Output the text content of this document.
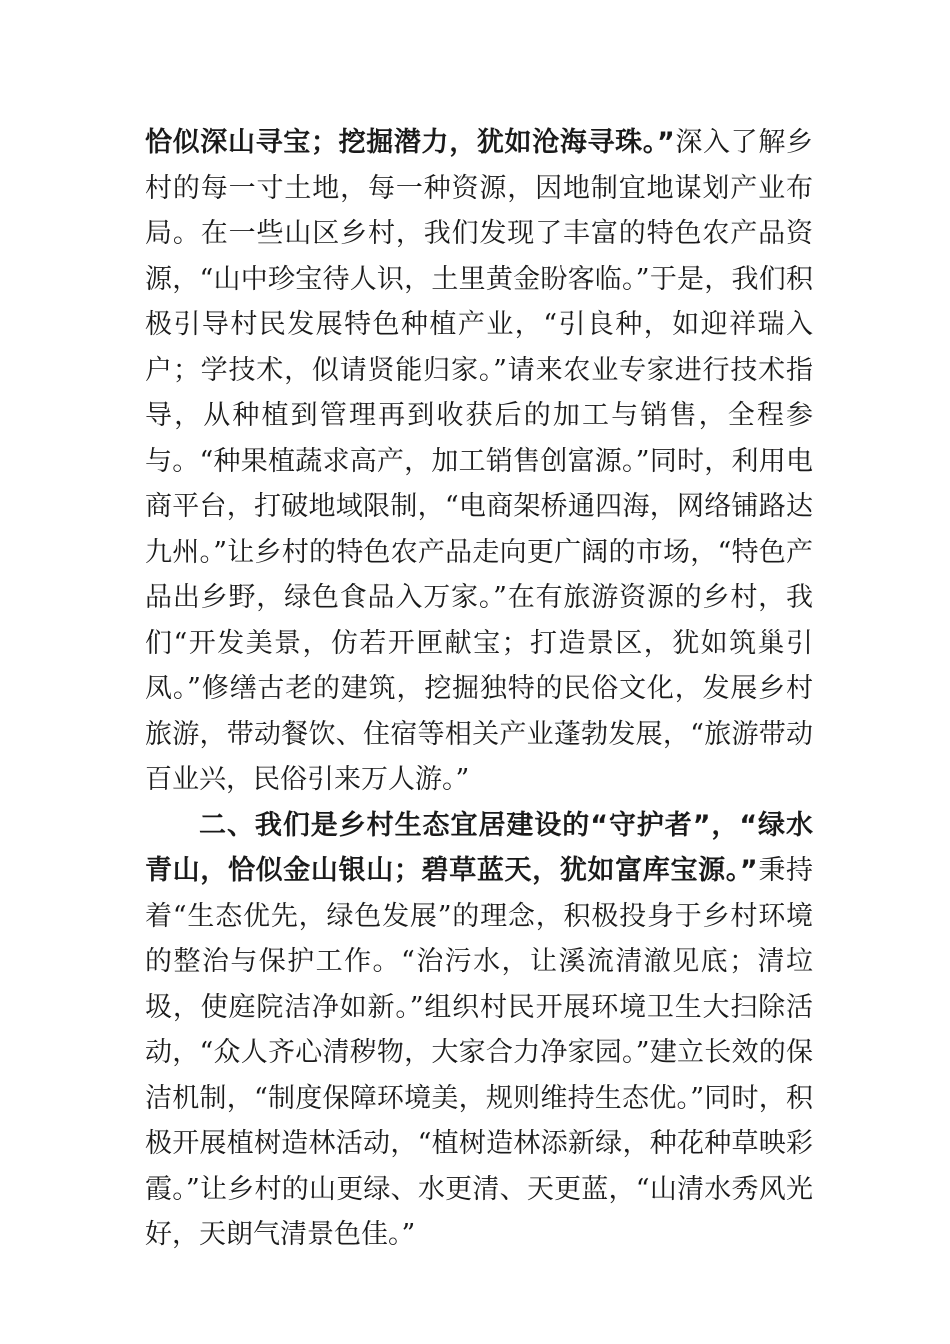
恰似深山寻宝；挖掘潜力，犹如沧海寻珠。”深入了解乡村的每一寸土地，每一种资源，因地制宜地谋划产业布局。在一些山区乡村，我们发现了丰富的特色农产品资源，“山中珍宝待人识，土里黄金盼客临。”于是，我们积极引导村民发展特色种植产业，“引良种，如迎祥瑞入户；学技术，似请贤能归家。”请来农业专家进行技术指导，从种植到管理再到收获后的加工与销售，全程参与。“种果植蔬求高产，加工销售创富源。”同时，利用电商平台，打破地域限制，“电商架桥通四海，网络铺路达九州。”让乡村的特色农产品走向更广阔的市场，“特色产品出乡野，绿色食品入万家。”在有旅游资源的乡村，我们“开发美景，仿若开匣献宝；打造景区，犹如筑巢引凤。”修缮古老的建筑，挖掘独特的民俗文化，发展乡村旅游，带动餐饮、住宿等相关产业蓬勃发展，“旅游带动百业兴，民俗引来万人游。”

二、我们是乡村生态宜居建设的“守护者”，“绿水青山，恰似金山银山；碧草蓝天，犹如富库宝源。”秉持着“生态优先，绿色发展”的理念，积极投身于乡村环境的整治与保护工作。“治污水，让溪流清澈见底；清垃圾，使庭院洁净如新。”组织村民开展环境卫生大扫除活动，“众人齐心清秽物，大家合力净家园。”建立长效的保洁机制，“制度保障环境美，规则维持生态优。”同时，积极开展植树造林活动，“植树造林添新绿，种花种草映彩霞。”让乡村的山更绿、水更清、天更蓝，“山清水秀风光好，天朗气清景色佳。”
